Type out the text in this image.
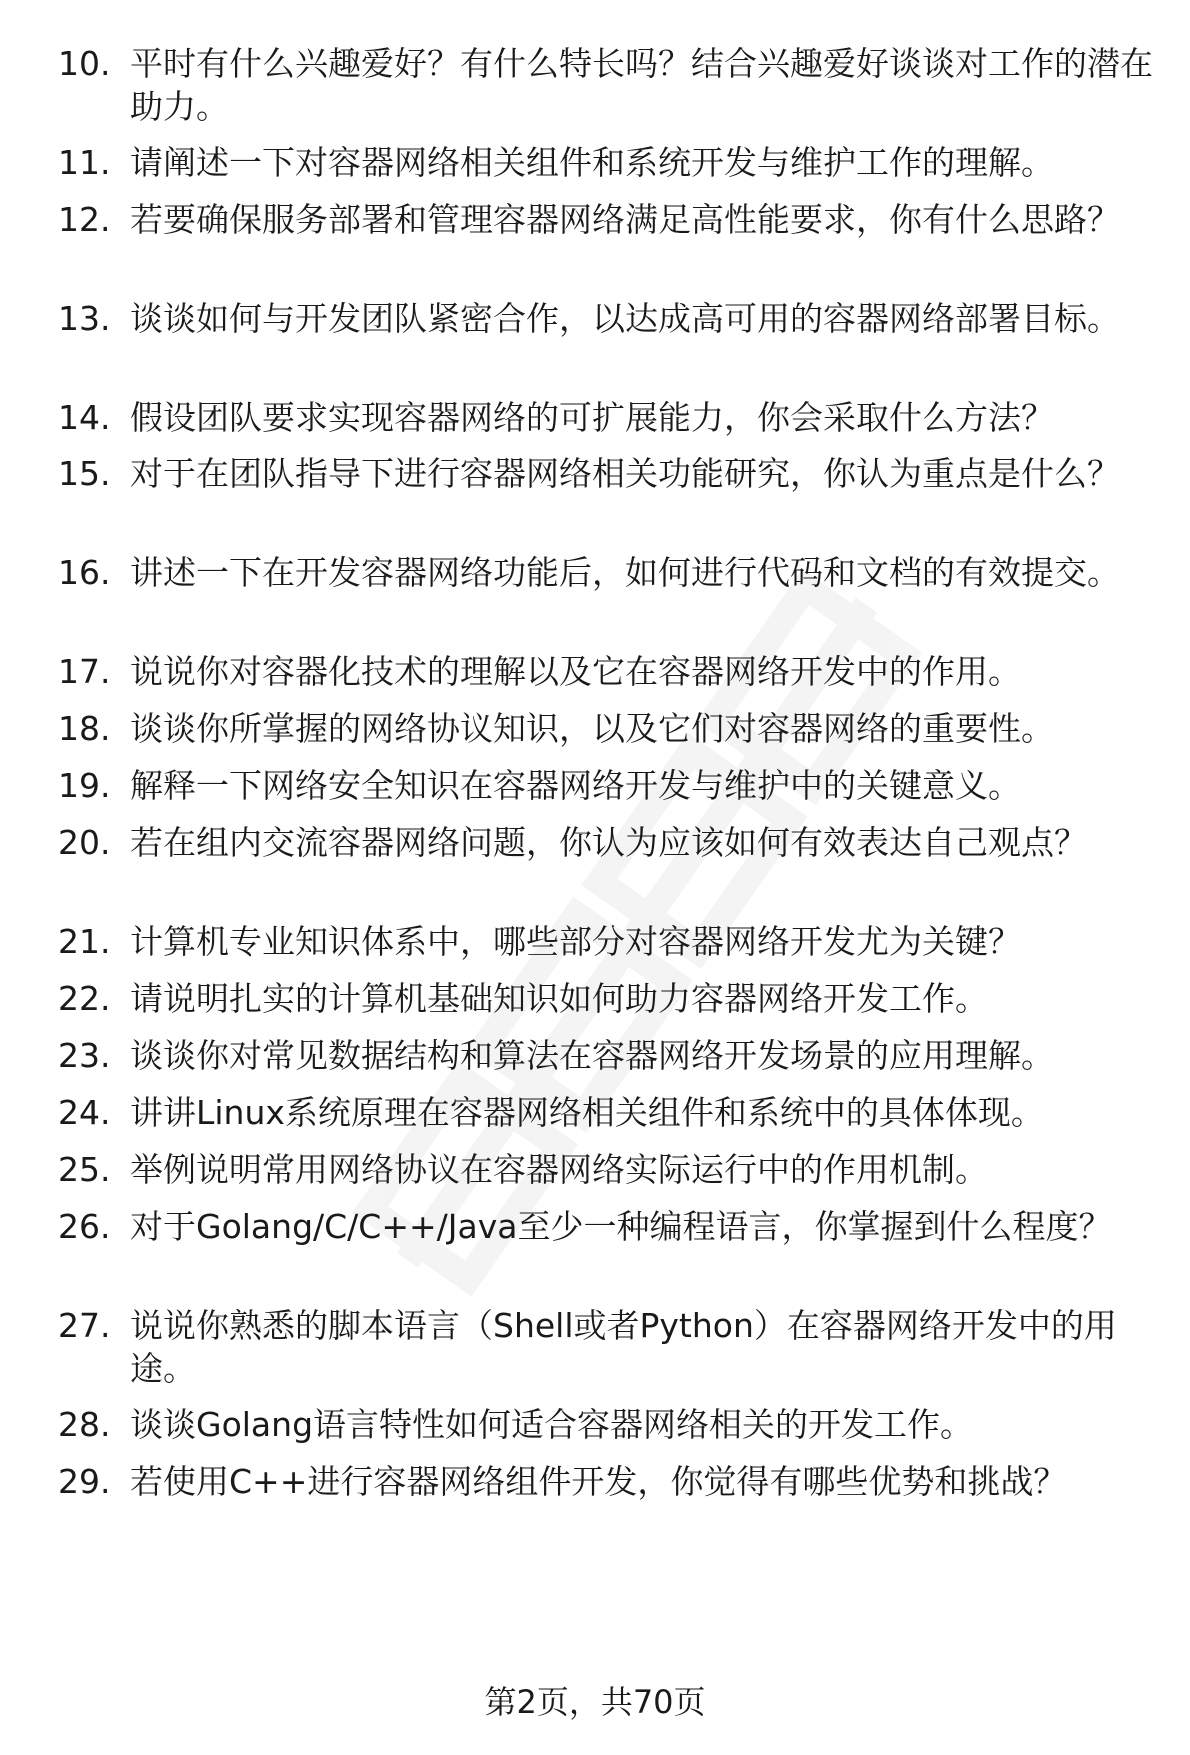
10. 平时有什么兴趣爱好？有什么特长吗？结合兴趣爱好谈谈对工作的潜在助力。
11. 请阐述一下对容器网络相关组件和系统开发与维护工作的理解。
12. 若要确保服务部署和管理容器网络满足高性能要求，你有什么思路？
13. 谈谈如何与开发团队紧密合作，以达成高可用的容器网络部署目标。
14. 假设团队要求实现容器网络的可扩展能力，你会采取什么方法？
15. 对于在团队指导下进行容器网络相关功能研究，你认为重点是什么？
16. 讲述一下在开发容器网络功能后，如何进行代码和文档的有效提交。
17. 说说你对容器化技术的理解以及它在容器网络开发中的作用。
18. 谈谈你所掌握的网络协议知识，以及它们对容器网络的重要性。
19. 解释一下网络安全知识在容器网络开发与维护中的关键意义。
20. 若在组内交流容器网络问题，你认为应该如何有效表达自己观点？
21. 计算机专业知识体系中，哪些部分对容器网络开发尤为关键？
22. 请说明扎实的计算机基础知识如何助力容器网络开发工作。
23. 谈谈你对常见数据结构和算法在容器网络开发场景的应用理解。
24. 讲讲Linux系统原理在容器网络相关组件和系统中的具体体现。
25. 举例说明常用网络协议在容器网络实际运行中的作用机制。
26. 对于Golang/C/C++/Java至少一种编程语言，你掌握到什么程度？
27. 说说你熟悉的脚本语言（Shell或者Python）在容器网络开发中的用途。
28. 谈谈Golang语言特性如何适合容器网络相关的开发工作。
29. 若使用C++进行容器网络组件开发，你觉得有哪些优势和挑战？
第2页，共70页
